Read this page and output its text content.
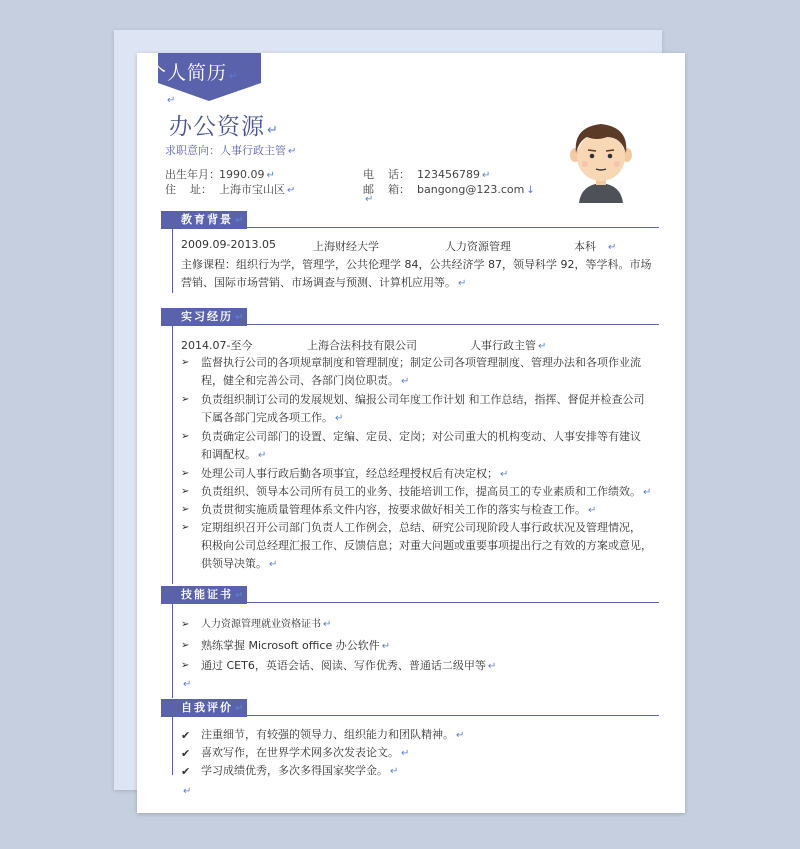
个人简历 ↵
↵
办公资源 ↵
求职意向：人事行政主管 ↵
出生年月：1990.09 ↵
住    址： 上海市宝山区 ↵
电    话： 123456789 ↵
邮    箱： bangong@123.com ↓
↵
教育背景 ↵
2009.09-2013.05	上海财经大学	人力资源管理	本科 ↵
主修课程：组织行为学，管理学，公共伦理学 84，公共经济学 87，领导科学 92，等学科。市场
营销、国际市场营销、市场调查与预测、计算机应用等。 ↵
实习经历 ↵
2014.07-至今	上海合法科技有限公司	人事行政主管 ↵
➢ 监督执行公司的各项规章制度和管理制度；制定公司各项管理制度、管理办法和各项作业流
程，健全和完善公司、各部门岗位职责。 ↵
➢ 负责组织制订公司的发展规划、编报公司年度工作计划 和工作总结，指挥、督促并检查公司
下属各部门完成各项工作。 ↵
➢ 负责确定公司部门的设置、定编、定员、定岗；对公司重大的机构变动、人事安排等有建议
和调配权。 ↵
➢ 处理公司人事行政后勤各项事宜，经总经理授权后有决定权； ↵
➢ 负责组织、领导本公司所有员工的业务、技能培训工作，提高员工的专业素质和工作绩效。 ↵
➢ 负责贯彻实施质量管理体系文件内容，按要求做好相关工作的落实与检查工作。 ↵
➢ 定期组织召开公司部门负责人工作例会，总结、研究公司现阶段人事行政状况及管理情况，
积极向公司总经理汇报工作、反馈信息；对重大问题或重要事项提出行之有效的方案或意见，
供领导决策。 ↵
技能证书 ↵
➢ 人力资源管理就业资格证书 ↵
➢ 熟练掌握 Microsoft office 办公软件 ↵
➢ 通过 CET6，英语会话、阅读、写作优秀、普通话二级甲等 ↵
↵
自我评价 ↵
✔ 注重细节，有较强的领导力、组织能力和团队精神。 ↵
✔ 喜欢写作，在世界学术网多次发表论文。 ↵
✔ 学习成绩优秀，多次多得国家奖学金。 ↵
↵
